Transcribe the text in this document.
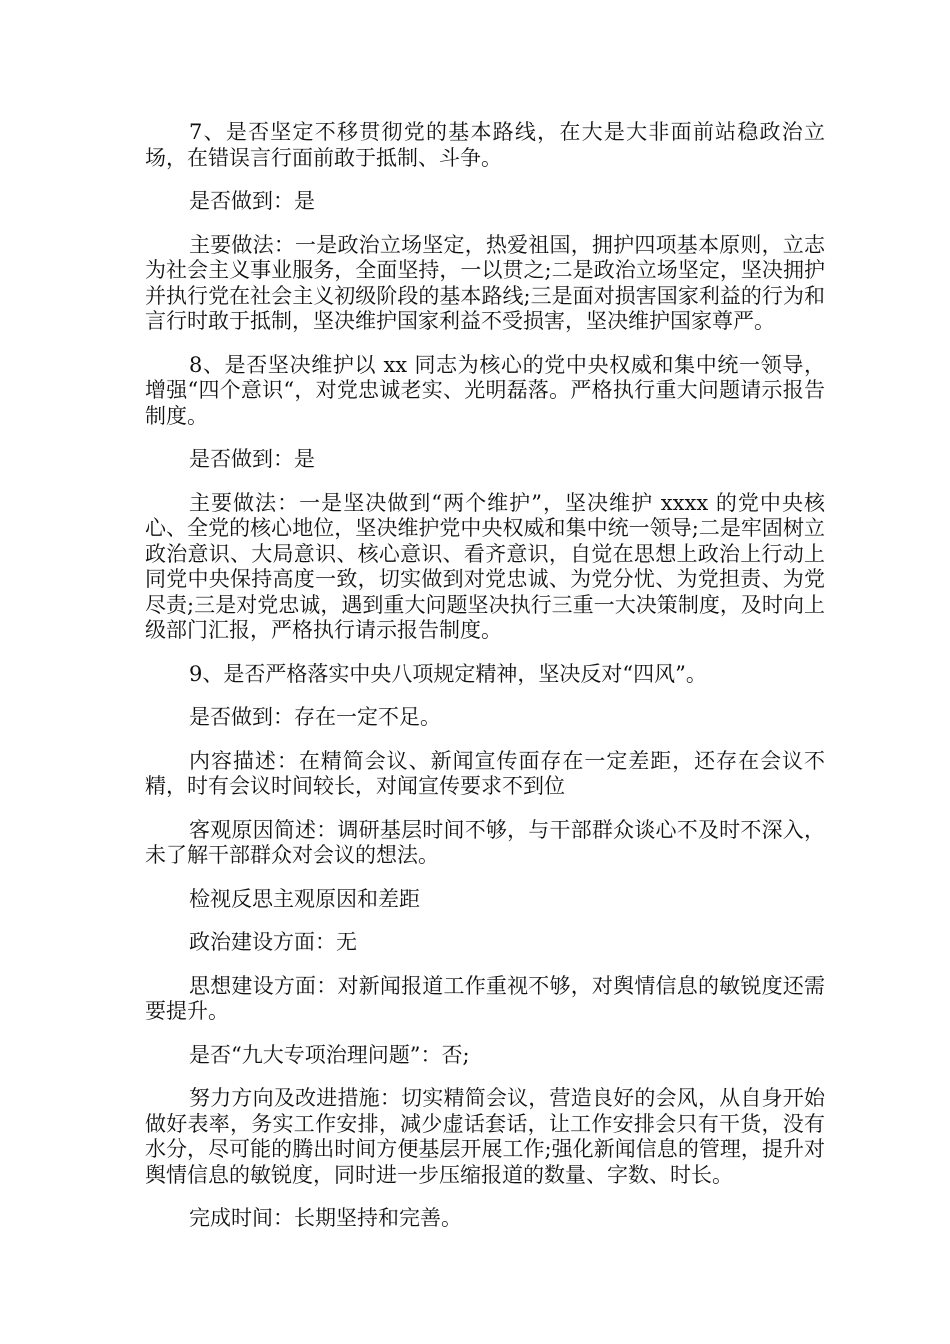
7、是否坚定不移贯彻党的基本路线，在大是大非面前站稳政治立场，在错误言行面前敢于抵制、斗争。

是否做到：是

主要做法：一是政治立场坚定，热爱祖国，拥护四项基本原则，立志为社会主义事业服务，全面坚持，一以贯之;二是政治立场坚定，坚决拥护并执行党在社会主义初级阶段的基本路线;三是面对损害国家利益的行为和言行时敢于抵制，坚决维护国家利益不受损害，坚决维护国家尊严。

8、是否坚决维护以 xx 同志为核心的党中央权威和集中统一领导，增强“四个意识“，对党忠诚老实、光明磊落。严格执行重大问题请示报告制度。

是否做到：是

主要做法：一是坚决做到“两个维护”，坚决维护 xxxx 的党中央核心、全党的核心地位，坚决维护党中央权威和集中统一领导;二是牢固树立政治意识、大局意识、核心意识、看齐意识，自觉在思想上政治上行动上同党中央保持高度一致，切实做到对党忠诚、为党分忧、为党担责、为党尽责;三是对党忠诚，遇到重大问题坚决执行三重一大决策制度，及时向上级部门汇报，严格执行请示报告制度。

9、是否严格落实中央八项规定精神，坚决反对“四风”。

是否做到：存在一定不足。

内容描述：在精简会议、新闻宣传面存在一定差距，还存在会议不精，时有会议时间较长，对闻宣传要求不到位

客观原因简述：调研基层时间不够，与干部群众谈心不及时不深入，未了解干部群众对会议的想法。

检视反思主观原因和差距

政治建设方面：无

思想建设方面：对新闻报道工作重视不够，对舆情信息的敏锐度还需要提升。

是否“九大专项治理问题”：否;

努力方向及改进措施：切实精简会议，营造良好的会风，从自身开始做好表率，务实工作安排，减少虚话套话，让工作安排会只有干货，没有水分，尽可能的腾出时间方便基层开展工作;强化新闻信息的管理，提升对舆情信息的敏锐度，同时进一步压缩报道的数量、字数、时长。

完成时间：长期坚持和完善。
